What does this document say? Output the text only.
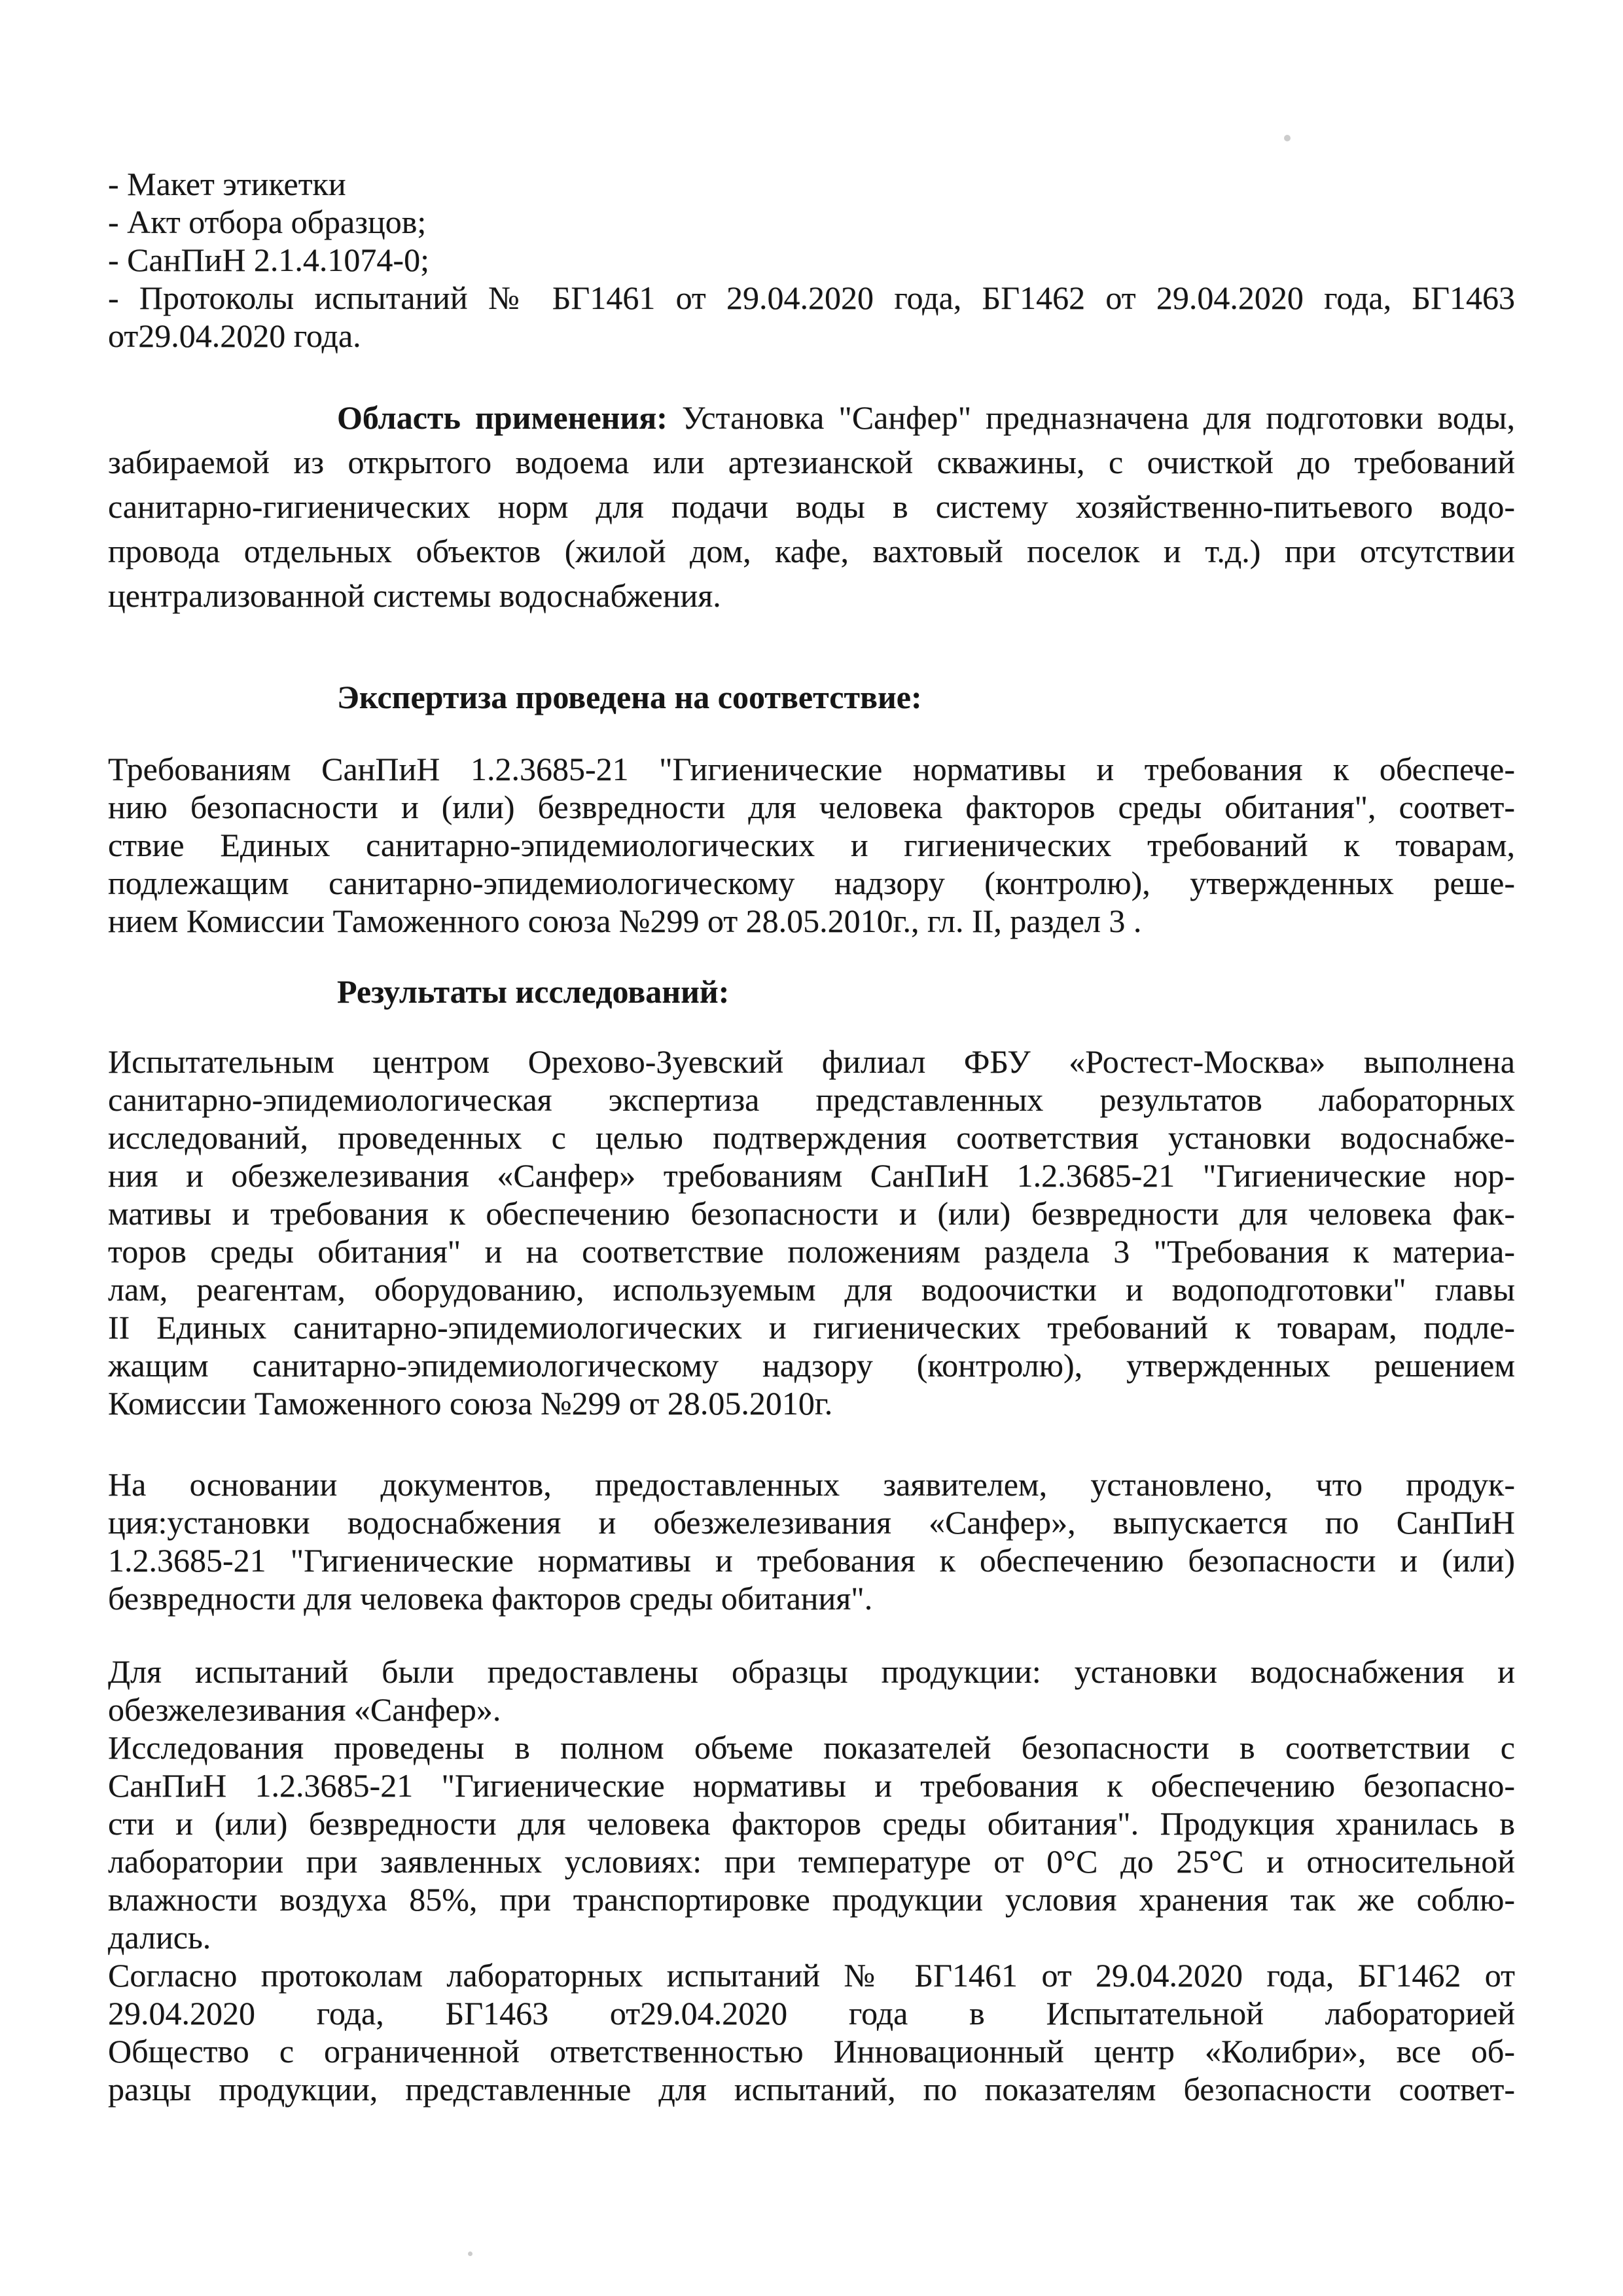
- Макет этикетки
- Акт отбора образцов;
- СанПиН 2.1.4.1074-0;
- Протоколы испытаний № БГ1461 от 29.04.2020 года, БГ1462 от 29.04.2020 года, БГ1463
от29.04.2020 года.
Область применения: Установка "Санфер" предназначена для подготовки воды,
забираемой из открытого водоема или артезианской скважины, с очисткой до требований
санитарно-гигиенических норм для подачи воды в систему хозяйственно-питьевого водо-
провода отдельных объектов (жилой дом, кафе, вахтовый поселок и т.д.) при отсутствии
централизованной системы водоснабжения.
Экспертиза проведена на соответствие:
Требованиям СанПиН 1.2.3685-21 "Гигиенические нормативы и требования к обеспече-
нию безопасности и (или) безвредности для человека факторов среды обитания", соответ-
ствие Единых санитарно-эпидемиологических и гигиенических требований к товарам,
подлежащим санитарно-эпидемиологическому надзору (контролю), утвержденных реше-
нием Комиссии Таможенного союза №299 от 28.05.2010г., гл. II, раздел 3 .
Результаты исследований:
Испытательным центром Орехово-Зуевский филиал ФБУ «Ростест-Москва» выполнена
санитарно-эпидемиологическая экспертиза представленных результатов лабораторных
исследований, проведенных с целью подтверждения соответствия установки водоснабже-
ния и обезжелезивания «Санфер» требованиям СанПиН 1.2.3685-21 "Гигиенические нор-
мативы и требования к обеспечению безопасности и (или) безвредности для человека фак-
торов среды обитания" и на соответствие положениям раздела 3 "Требования к материа-
лам, реагентам, оборудованию, используемым для водоочистки и водоподготовки" главы
II Единых санитарно-эпидемиологических и гигиенических требований к товарам, подле-
жащим санитарно-эпидемиологическому надзору (контролю), утвержденных решением
Комиссии Таможенного союза №299 от 28.05.2010г.
На основании документов, предоставленных заявителем, установлено, что продук-
ция:установки водоснабжения и обезжелезивания «Санфер», выпускается по СанПиН
1.2.3685-21 "Гигиенические нормативы и требования к обеспечению безопасности и (или)
безвредности для человека факторов среды обитания".
Для испытаний были предоставлены образцы продукции: установки водоснабжения и
обезжелезивания «Санфер».
Исследования проведены в полном объеме показателей безопасности в соответствии с
СанПиН 1.2.3685-21 "Гигиенические нормативы и требования к обеспечению безопасно-
сти и (или) безвредности для человека факторов среды обитания". Продукция хранилась в
лаборатории при заявленных условиях: при температуре от 0°С до 25°С и относительной
влажности воздуха 85%, при транспортировке продукции условия хранения так же соблю-
дались.
Согласно протоколам лабораторных испытаний № БГ1461 от 29.04.2020 года, БГ1462 от
29.04.2020 года, БГ1463 от29.04.2020 года в Испытательной лабораторией
Общество с ограниченной ответственностью Инновационный центр «Колибри», все об-
разцы продукции, представленные для испытаний, по показателям безопасности соответ-
